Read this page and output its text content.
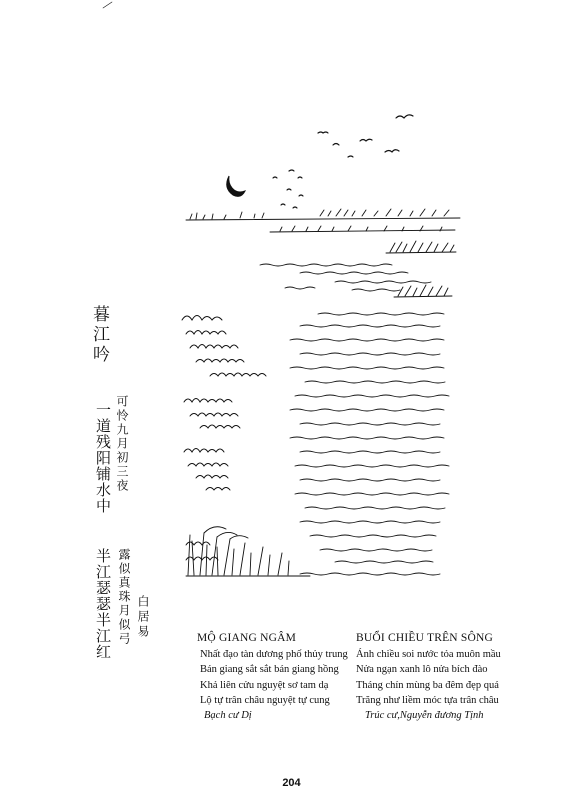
暮江吟
一道残阳铺水中 可怜九月初三夜
半江瑟瑟半江红 露似真珠月似弓 白居易	MỘ GIANG NGÂM
Nhất đạo tàn dương phố thủy trung
Bán giang sắt sắt bán giang hồng
Khả liên cửu nguyệt sơ tam dạ
Lộ tự trân châu nguyệt tự cung
Bạch cư Dị
BUỔI CHIỀU TRÊN SÔNG
Ánh chiều soi nước tỏa muôn mầu
Nửa ngạn xanh lô nửa bích đào
Tháng chín mùng ba đêm đẹp quá
Trăng như liềm móc tựa trân châu
Trúc cư,Nguyễn đương Tịnh
204
